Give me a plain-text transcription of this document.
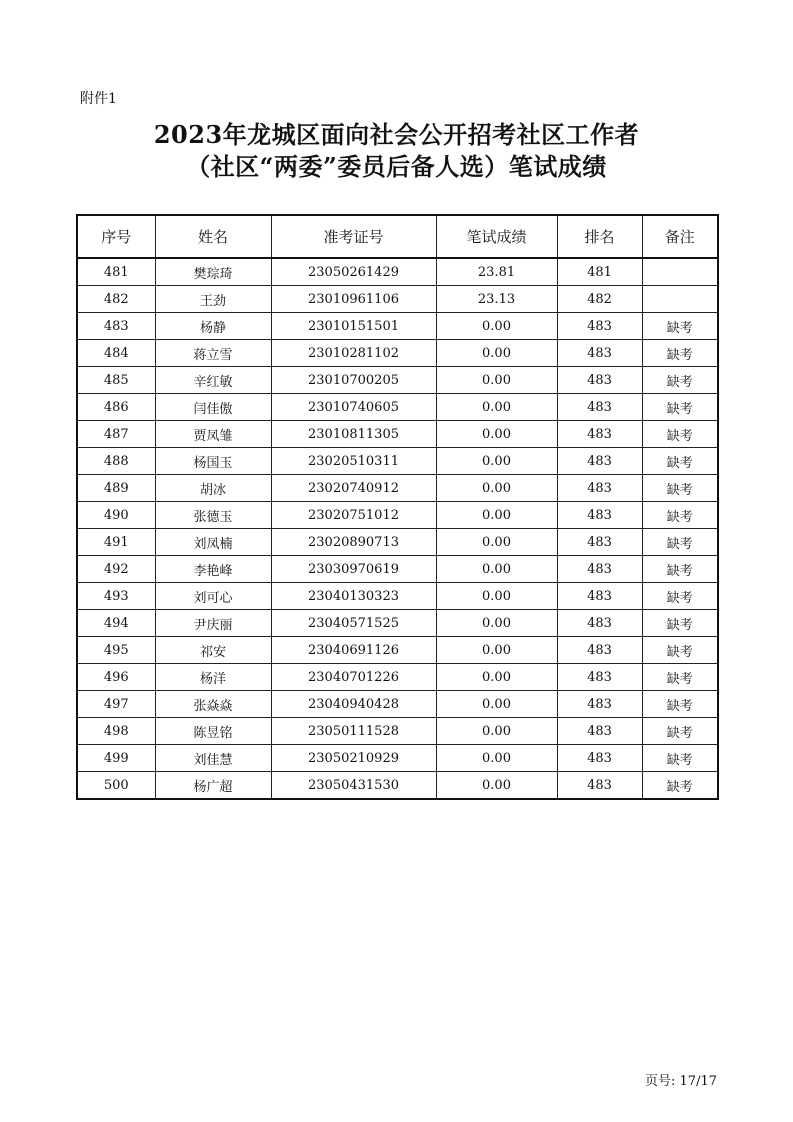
附件1
2023年龙城区面向社会公开招考社区工作者
（社区“两委”委员后备人选）笔试成绩
序号	姓名	准考证号	笔试成绩	排名	备注
481	樊琮琦	23050261429	23.81	481	
482	王劲	23010961106	23.13	482	
483	杨静	23010151501	0.00	483	缺考
484	蒋立雪	23010281102	0.00	483	缺考
485	辛红敏	23010700205	0.00	483	缺考
486	闫佳傲	23010740605	0.00	483	缺考
487	贾凤雏	23010811305	0.00	483	缺考
488	杨国玉	23020510311	0.00	483	缺考
489	胡冰	23020740912	0.00	483	缺考
490	张德玉	23020751012	0.00	483	缺考
491	刘凤楠	23020890713	0.00	483	缺考
492	李艳峰	23030970619	0.00	483	缺考
493	刘可心	23040130323	0.00	483	缺考
494	尹庆丽	23040571525	0.00	483	缺考
495	祁安	23040691126	0.00	483	缺考
496	杨洋	23040701226	0.00	483	缺考
497	张焱焱	23040940428	0.00	483	缺考
498	陈昱铭	23050111528	0.00	483	缺考
499	刘佳慧	23050210929	0.00	483	缺考
500	杨广超	23050431530	0.00	483	缺考
页号: 17/17
